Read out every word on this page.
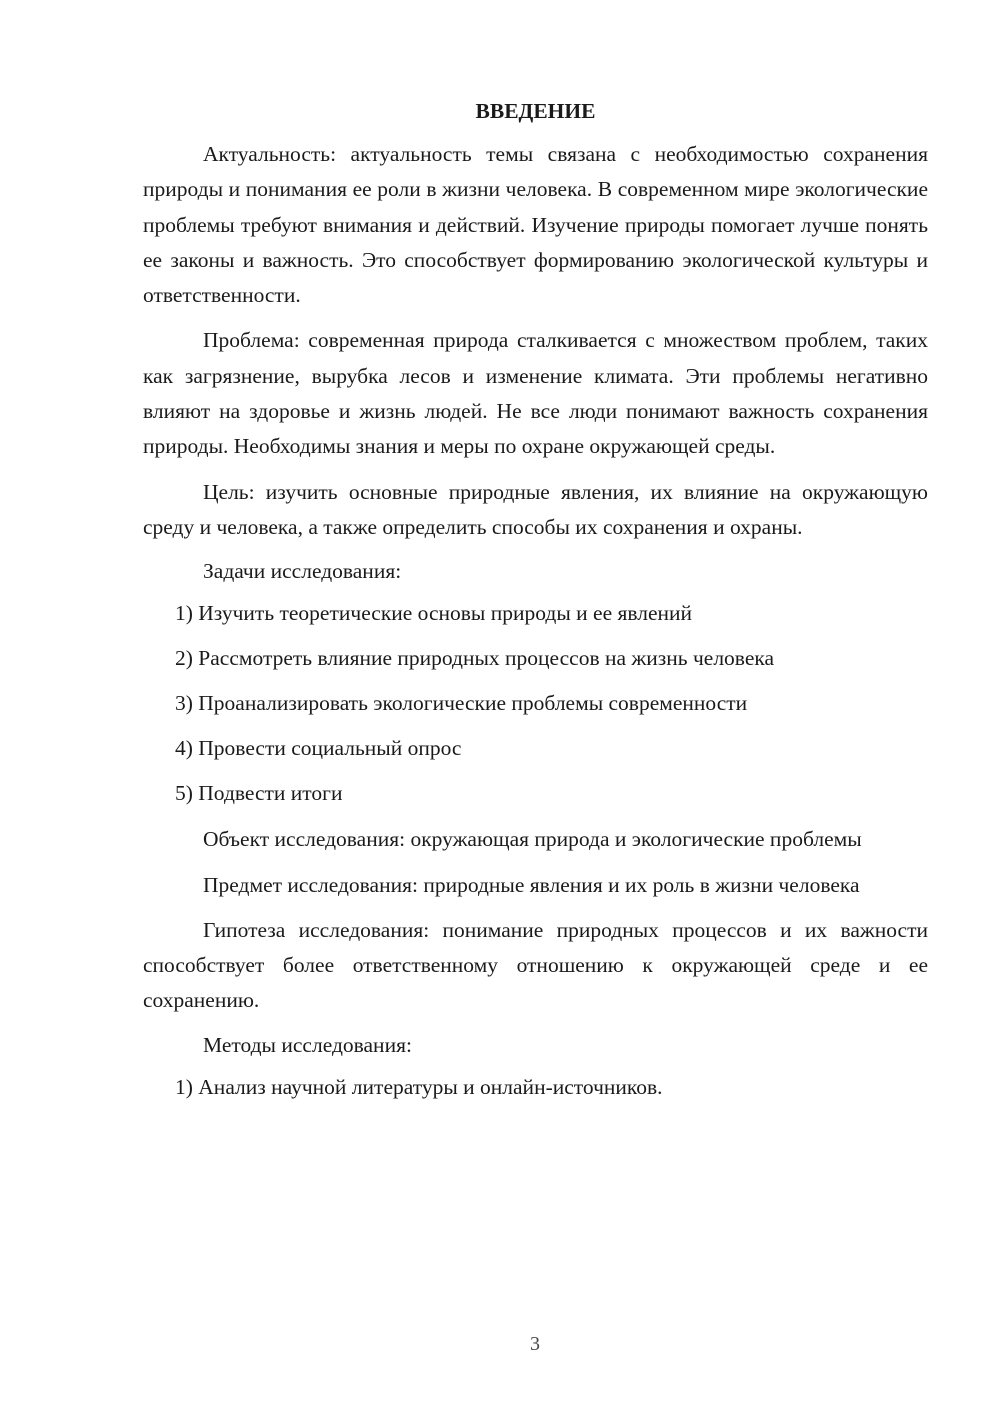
ВВЕДЕНИЕ

Актуальность: актуальность темы связана с необходимостью сохранения природы и понимания ее роли в жизни человека. В современном мире экологические проблемы требуют внимания и действий. Изучение природы помогает лучше понять ее законы и важность. Это способствует формированию экологической культуры и ответственности.

Проблема: современная природа сталкивается с множеством проблем, таких как загрязнение, вырубка лесов и изменение климата. Эти проблемы негативно влияют на здоровье и жизнь людей. Не все люди понимают важность сохранения природы. Необходимы знания и меры по охране окружающей среды.

Цель: изучить основные природные явления, их влияние на окружающую среду и человека, а также определить способы их сохранения и охраны.

Задачи исследования:
1) Изучить теоретические основы природы и ее явлений
2) Рассмотреть влияние природных процессов на жизнь человека
3) Проанализировать экологические проблемы современности
4) Провести социальный опрос
5) Подвести итоги

Объект исследования: окружающая природа и экологические проблемы

Предмет исследования: природные явления и их роль в жизни человека

Гипотеза исследования: понимание природных процессов и их важности способствует более ответственному отношению к окружающей среде и ее сохранению.

Методы исследования:
1) Анализ научной литературы и онлайн-источников.
3
